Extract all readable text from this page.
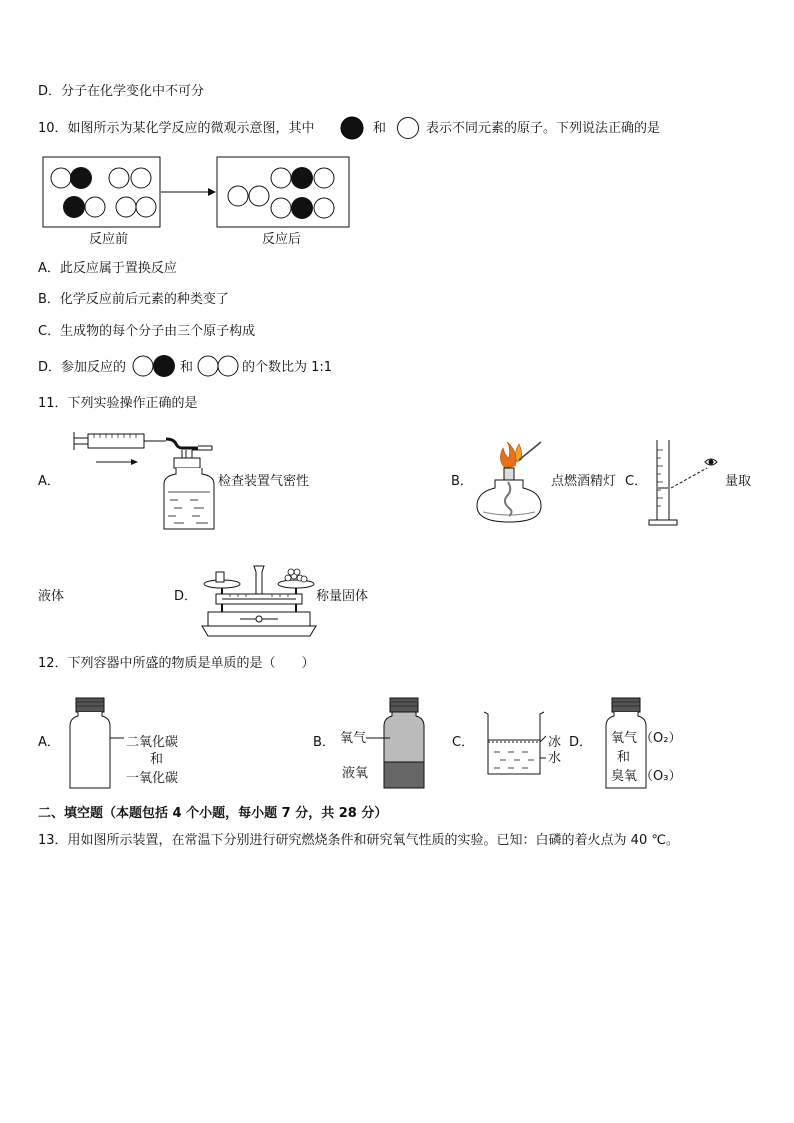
D．分子在化学变化中不可分
10．如图所示为某化学反应的微观示意图，其中	和	表示不同元素的原子。下列说法正确的是
反应前	反应后
A．此反应属于置换反应
B．化学反应前后元素的种类变了
C．生成物的每个分子由三个原子构成
D．参加反应的	和	的个数比为 1:1
11．下列实验操作正确的是
A．	检查装置气密性	B．	点燃酒精灯 C．	量取
液体	D．	称量固体
12．下列容器中所盛的物质是单质的是（　　）
A．	二氧化碳
和
一氧化碳
B． 氧气
液氧
C．	冰
水
D． 氧气
和
臭氧
（O₂）
（O₃）
二、填空题（本题包括 4 个小题，每小题 7 分，共 28 分）
13．用如图所示装置，在常温下分别进行研究燃烧条件和研究氧气性质的实验。已知：白磷的着火点为 40 ℃。
